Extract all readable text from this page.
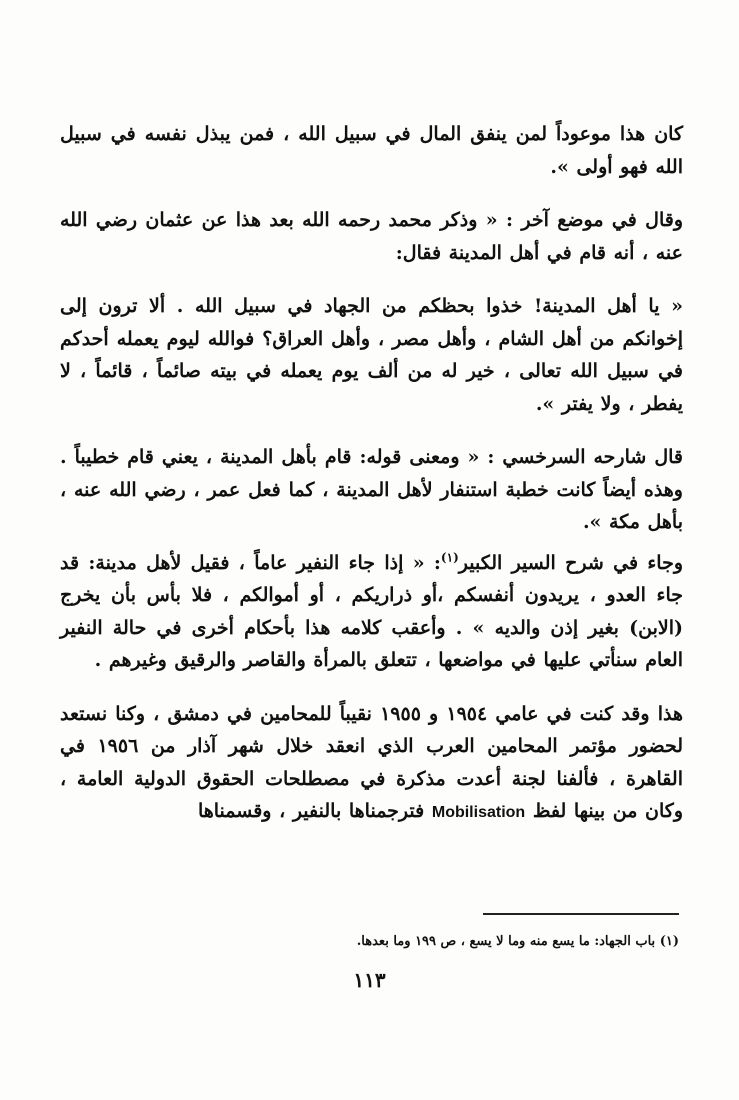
كان هذا موعوداً لمن ينفق المال في سبيل الله ، فمن يبذل نفسه في سبيل الله فهو أولى ».

وقال في موضع آخر : « وذكر محمد رحمه الله بعد هذا عن عثمان رضي الله عنه ، أنه قام في أهل المدينة فقال:

« يا أهل المدينة! خذوا بحظكم من الجهاد في سبيل الله . ألا ترون إلى إخوانكم من أهل الشام ، وأهل مصر ، وأهل العراق؟ فوالله ليوم يعمله أحدكم في سبيل الله تعالى ، خير له من ألف يوم يعمله في بيته صائماً ، قائماً ، لا يفطر ، ولا يفتر ».

قال شارحه السرخسي : « ومعنى قوله: قام بأهل المدينة ، يعني قام خطيباً . وهذه أيضاً كانت خطبة استنفار لأهل المدينة ، كما فعل عمر ، رضي الله عنه ، بأهل مكة ».

وجاء في شرح السير الكبير$^{(١)}$: « إذا جاء النفير عاماً ، فقيل لأهل مدينة: قد جاء العدو ، يريدون أنفسكم ،أو ذراريكم ، أو أموالكم ، فلا بأس بأن يخرج (الابن) بغير إذن والديه » . وأعقب كلامه هذا بأحكام أخرى في حالة النفير العام سنأتي عليها في مواضعها ، تتعلق بالمرأة والقاصر والرقيق وغيرهم .

هذا وقد كنت في عامي ١٩٥٤ و ١٩٥٥ نقيباً للمحامين في دمشق ، وكنا نستعد لحضور مؤتمر المحامين العرب الذي انعقد خلال شهر آذار من ١٩٥٦ في القاهرة ، فألفنا لجنة أعدت مذكرة في مصطلحات الحقوق الدولية العامة ، وكان من بينها لفظ Mobilisation فترجمناها بالنفير ، وقسمناها

(١) باب الجهاد: ما يسع منه وما لا يسع ، ص ١٩٩ وما بعدها.
١١٣
